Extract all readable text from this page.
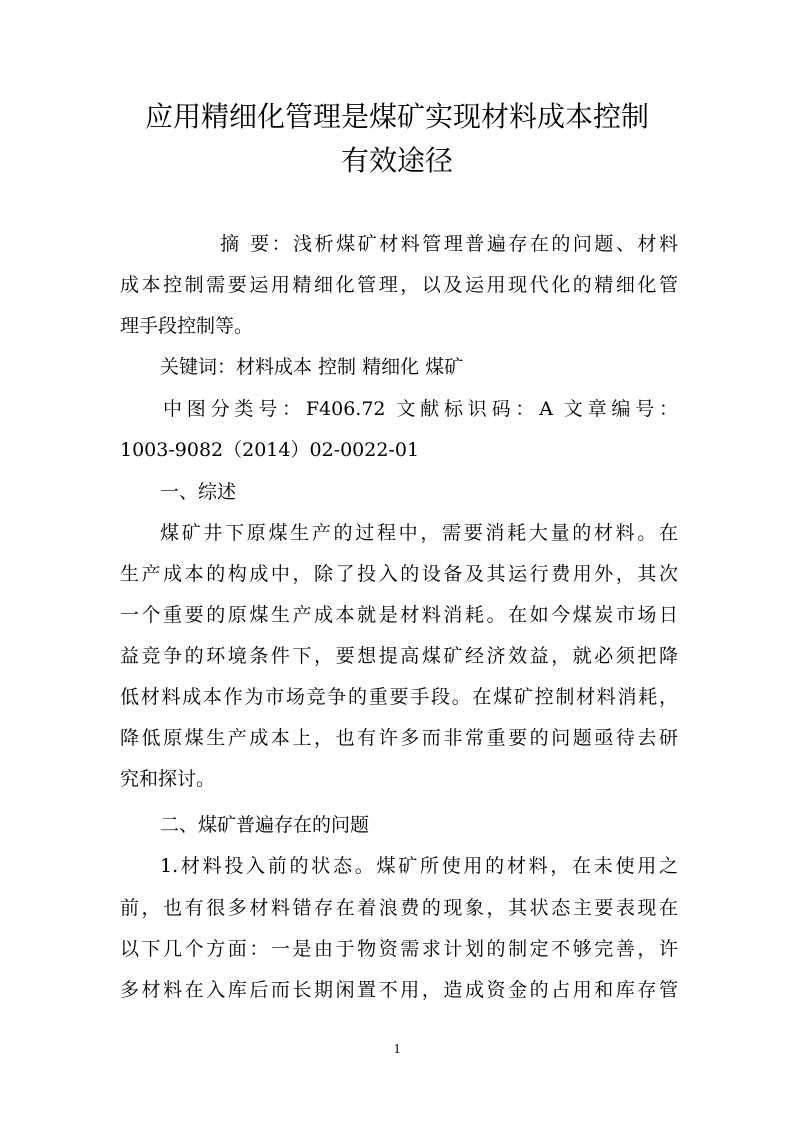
应用精细化管理是煤矿实现材料成本控制
有效途径
摘 要：浅析煤矿材料管理普遍存在的问题、材料
成本控制需要运用精细化管理，以及运用现代化的精细化管
理手段控制等。
关键词：材料成本 控制 精细化 煤矿
中图分类号：F406.72 文献标识码：A 文章编号：
1003-9082（2014）02-0022-01
一、综述
煤矿井下原煤生产的过程中，需要消耗大量的材料。在
生产成本的构成中，除了投入的设备及其运行费用外，其次
一个重要的原煤生产成本就是材料消耗。在如今煤炭市场日
益竞争的环境条件下，要想提高煤矿经济效益，就必须把降
低材料成本作为市场竞争的重要手段。在煤矿控制材料消耗，
降低原煤生产成本上，也有许多而非常重要的问题亟待去研
究和探讨。
二、煤矿普遍存在的问题
1.材料投入前的状态。煤矿所使用的材料，在未使用之
前，也有很多材料错存在着浪费的现象，其状态主要表现在
以下几个方面：一是由于物资需求计划的制定不够完善，许
多材料在入库后而长期闲置不用，造成资金的占用和库存管
1
